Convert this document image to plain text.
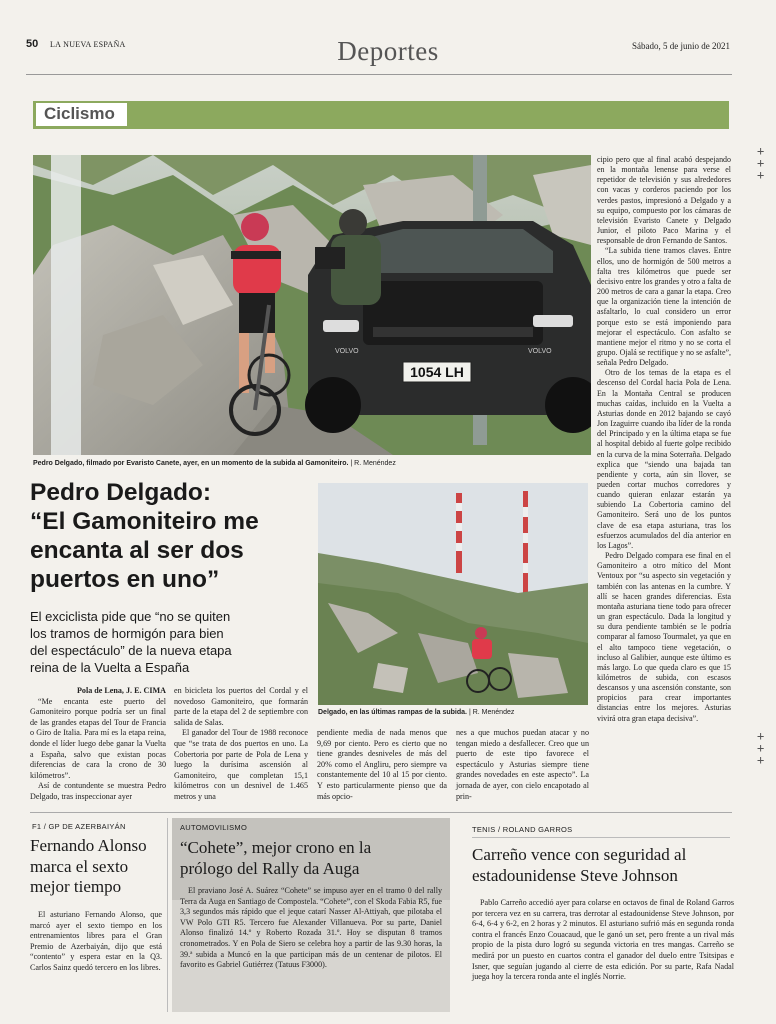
50 LA NUEVA ESPAÑA	Deportes	Sábado, 5 de junio de 2021
Ciclismo
1054 LH
VOLVO	VOLVO
Pedro Delgado, filmado por Evaristo Canete, ayer, en un momento de la subida al Gamoniteiro. | R. Menéndez
Pedro Delgado:
“El Gamoniteiro me
encanta al ser dos
puertos en uno”
El exciclista pide que “no se quiten
los tramos de hormigón para bien
del espectáculo” de la nueva etapa
reina de la Vuelta a España
Delgado, en las últimas rampas de la subida. | R. Menéndez

Pola de Lena, J. E. CIMA

“Me encanta este puerto del Gamoniteiro porque podría ser un final de las grandes etapas del Tour de Francia o Giro de Italia. Para mí es la etapa reina, donde el líder luego debe ganar la Vuelta a España, salvo que existan pocas diferencias de cara la crono de 30 kilómetros”.

Así de contundente se muestra Pedro Delgado, tras inspeccionar ayer

en bicicleta los puertos del Cordal y el novedoso Gamoniteiro, que formarán parte de la etapa del 2 de septiembre con salida de Salas.

El ganador del Tour de 1988 reconoce que “se trata de dos puertos en uno. La Cobertoria por parte de Pola de Lena y luego la durísima ascensión al Gamoniteiro, que completan 15,1 kilómetros con un desnivel de 1.465 metros y una

pendiente media de nada menos que 9,69 por ciento. Pero es cierto que no tiene grandes desniveles de más del 20% como el Angliru, pero siempre va constantemente del 10 al 15 por ciento. Y esto particularmente pienso que da más opcio-

nes a que muchos puedan atacar y no tengan miedo a desfallecer. Creo que un puerto de este tipo favorece el espectáculo y Asturias siempre tiene grandes novedades en este aspecto”. La jornada de ayer, con cielo encapotado al prin-

cipio pero que al final acabó despejando en la montaña lenense para verse el repetidor de televisión y sus alrededores con vacas y corderos paciendo por los verdes pastos, impresionó a Delgado y a su equipo, compuesto por los cámaras de televisión Evaristo Canete y Delgado Junior, el piloto Paco Marina y el responsable de dron Fernando de Santos.

“La subida tiene tramos claves. Entre ellos, uno de hormigón de 500 metros a falta tres kilómetros que puede ser decisivo entre los grandes y otro a falta de 200 metros de cara a ganar la etapa. Creo que la organización tiene la intención de asfaltarlo, lo cual considero un error porque esto se está imponiendo para mejorar el espectáculo. Con asfalto se mantiene mejor el ritmo y no se corta el grupo. Ojalá se rectifique y no se asfalte”, señala Pedro Delgado.

Otro de los temas de la etapa es el descenso del Cordal hacia Pola de Lena. En la Montaña Central se producen muchas caídas, incluido en la Vuelta a Asturias donde en 2012 bajando se cayó Jon Izaguirre cuando iba líder de la ronda del Principado y en la última etapa se fue al hospital debido al fuerte golpe recibido en la curva de la mina Soterraña. Delgado explica que “siendo una bajada tan pendiente y corta, aún sin llover, se pueden cortar muchos corredores y cuando quieran enlazar estarán ya subiendo La Cobertoria camino del Gamoniteiro. Será uno de los puntos clave de esa etapa asturiana, tras los esfuerzos acumulados del día anterior en los Lagos”.

Pedro Delgado compara ese final en el Gamoniteiro a otro mítico del Mont Ventoux por “su aspecto sin vegetación y también con las antenas en la cumbre. Y allí se hacen grandes diferencias. Esta montaña asturiana tiene todo para ofrecer un gran espectáculo. Dada la longitud y su dura pendiente también se le podría comparar al famoso Tourmalet, ya que en el alto tampoco tiene vegetación, o incluso al Galibier, aunque este último es más largo. Lo que queda claro es que 15 kilómetros de subida, con escasos descansos y una ascensión constante, son propicios para crear importantes distancias entre los mejores. Asturias vivirá otra gran etapa decisiva”.

+
+
+
+
+
+
F1 / GP DE AZERBAIYÁN
Fernando Alonso
marca el sexto
mejor tiempo

El asturiano Fernando Alonso, que marcó ayer el sexto tiempo en los entrenamientos libres para el Gran Premio de Azerbaiyán, dijo que está “contento” y espera estar en la Q3. Carlos Sainz quedó tercero en los libres.

AUTOMOVILISMO
“Cohete”, mejor crono en la
prólogo del Rally da Auga

El praviano José A. Suárez “Cohete” se impuso ayer en el tramo 0 del rally Terra da Auga en Santiago de Compostela. “Cohete”, con el Skoda Fabia R5, fue 3,3 segundos más rápido que el jeque catarí Nasser Al-Attiyah, que pilotaba el VW Polo GTI R5. Tercero fue Alexander Villanueva. Por su parte, Daniel Alonso finalizó 14.º y Roberto Rozada 31.º. Hoy se disputan 8 tramos cronometrados. Y en Pola de Siero se celebra hoy a partir de las 9.30 horas, la 39.ª subida a Muncó en la que participan más de un centenar de pilotos. El favorito es Gabriel Gutiérrez (Tatuus F3000).

TENIS / ROLAND GARROS
Carreño vence con seguridad al
estadounidense Steve Johnson

Pablo Carreño accedió ayer para colarse en octavos de final de Roland Garros por tercera vez en su carrera, tras derrotar al estadounidense Steve Johnson, por 6-4, 6-4 y 6-2, en 2 horas y 2 minutos. El asturiano sufrió más en segunda ronda contra el francés Enzo Couacaud, que le ganó un set, pero frente a un rival más propio de la pista duro logró su segunda victoria en tres mangas. Carreño se medirá por un puesto en cuartos contra el ganador del duelo entre Tsitsipas e Isner, que seguían jugando al cierre de esta edición. Por su parte, Rafa Nadal juega hoy la tercera ronda ante el inglés Norrie.
